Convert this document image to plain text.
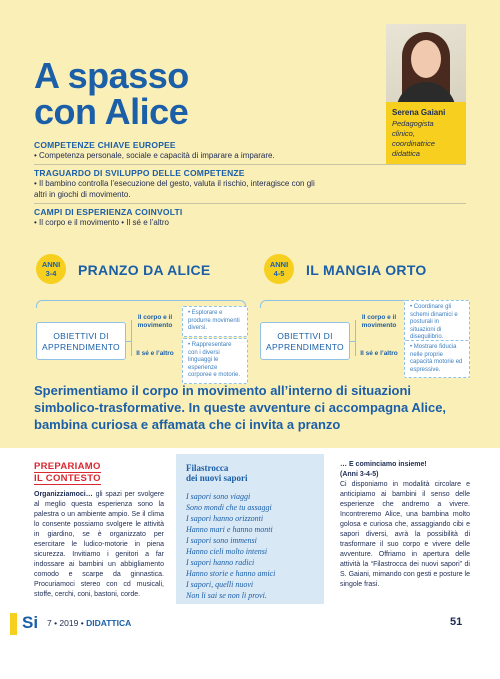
A spasso
con Alice	Serena Gaiani
Pedagogista
clinico,
coordinatrice
didattica
COMPETENZE CHIAVE EUROPEE

• Competenza personale, sociale e capacità di imparare a imparare.

TRAGUARDO DI SVILUPPO DELLE COMPETENZE

• Il bambino controlla l’esecuzione del gesto, valuta il rischio, interagisce con gli
altri in giochi di movimento.

CAMPI DI ESPERIENZA COINVOLTI

• Il corpo e il movimento • Il sé e l’altro

ANNI
3-4	PRANZO DA ALICE
OBIETTIVI DI APPRENDIMENTO
Il corpo e il movimento
Il sé e l’altro
• Esplorare e produrre movimenti diversi.
• Rappresentare con i diversi linguaggi le esperienze corporee e motorie.
ANNI
4-5	IL MANGIA ORTO
OBIETTIVI DI APPRENDIMENTO
Il corpo e il movimento
Il sé e l’altro
• Coordinare gli schemi dinamici e posturali in situazioni di disequilibrio.
• Mostrare fiducia nelle proprie capacità motorie ed espressive.
Sperimentiamo il corpo in movimento all’interno di situazioni simbolico-trasformative. In queste avventure ci accompagna Alice, bambina curiosa e affamata che ci invita a pranzo
PREPARIAMO
IL CONTESTO
Organizziamoci… gli spazi per svolgere al meglio questa esperienza sono la palestra o un ambiente ampio. Se il clima lo consente possiamo svolgere le attività in giardino, se è organizzato per esercitare le ludico-motorie in piena sicurezza. Invitiamo i genitori a far indossare ai bambini un abbigliamento comodo e scarpe da ginnastica. Procuriamoci stereo con cd musicali, stoffe, cerchi, coni, bastoni, corde.
Filastrocca
dei nuovi sapori
I sapori sono viaggi
Sono mondi che tu assaggi
I sapori hanno orizzonti
Hanno mari e hanno monti
I sapori sono immensi
Hanno cieli molto intensi
I sapori hanno radici
Hanno storie e hanno amici
I sapori, quelli nuovi
Non li sai se non li provi.
… E cominciamo insieme!
(Anni 3-4-5)
Ci disponiamo in modalità circolare e anticipiamo ai bambini il senso delle esperienze che andremo a vivere. Incontreremo Alice, una bambina molto golosa e curiosa che, assaggiando cibi e sapori diversi, avrà la possibilità di trasformare il suo corpo e vivere delle avventure. Offriamo in apertura delle attività la “Filastrocca dei nuovi sapori” di S. Gaiani, mimando con gesti e posture le singole frasi.
Si 7 • 2019 • DIDATTICA	51
